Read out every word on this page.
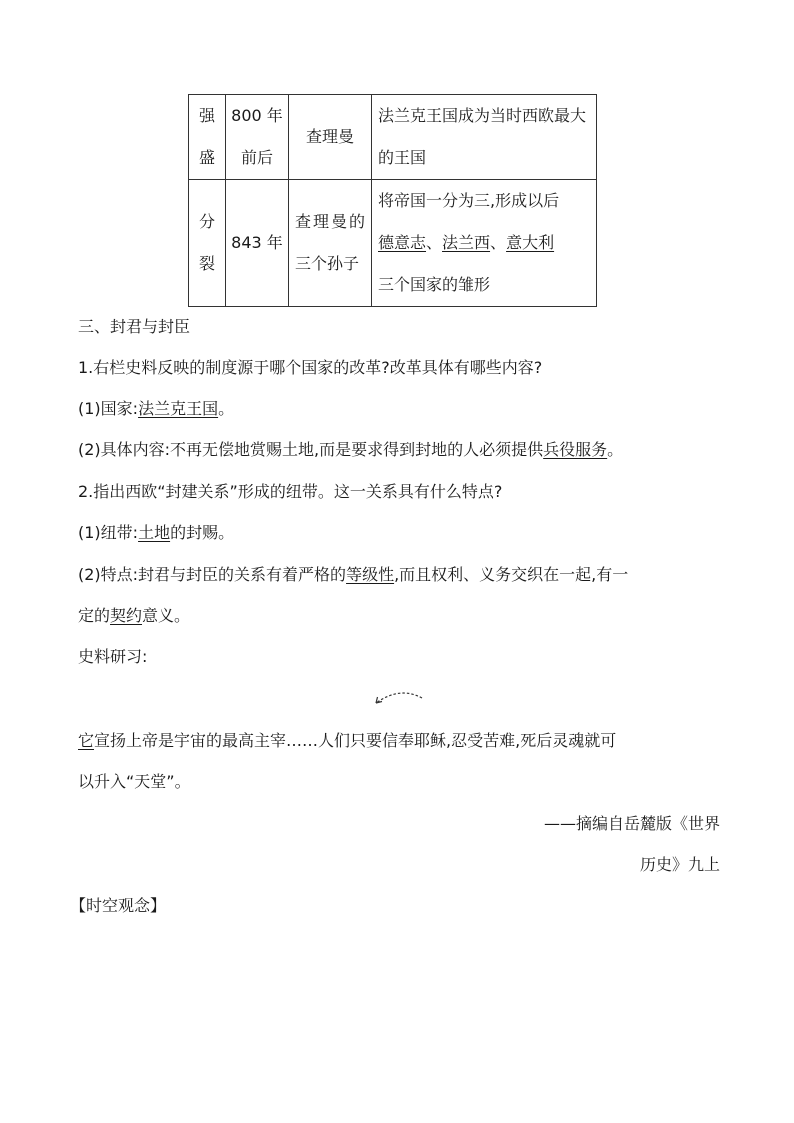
强盛	800 年前后	查理曼	法兰克王国成为当时西欧最大的王国
分裂	843 年	查理曼的三个孙子	将帝国一分为三,形成以后
德意志、法兰西、意大利
三个国家的雏形
三、封君与封臣
1.右栏史料反映的制度源于哪个国家的改革?改革具体有哪些内容?
(1)国家:法兰克王国。
(2)具体内容:不再无偿地赏赐土地,而是要求得到封地的人必须提供兵役服务。
2.指出西欧“封建关系”形成的纽带。这一关系具有什么特点?
(1)纽带:土地的封赐。
(2)特点:封君与封臣的关系有着严格的等级性,而且权利、义务交织在一起,有一
定的契约意义。
史料研习:
它宣扬上帝是宇宙的最高主宰……人们只要信奉耶稣,忍受苦难,死后灵魂就可
以升入“天堂”。
——摘编自岳麓版《世界
历史》九上
【时空观念】
